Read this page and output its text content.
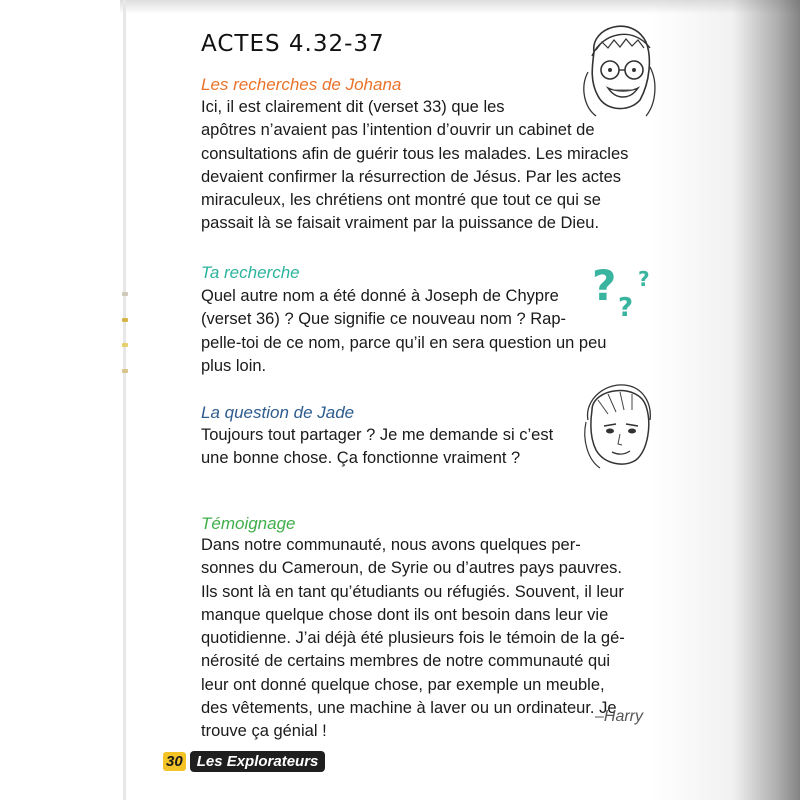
ACTES 4.32-37
Les recherches de Johana
Ici, il est clairement dit (verset 33) que les
apôtres n’avaient pas l’intention d’ouvrir un cabinet de
consultations afin de guérir tous les malades. Les miracles
devaient confirmer la résurrection de Jésus. Par les actes
miraculeux, les chrétiens ont montré que tout ce qui se
passait là se faisait vraiment par la puissance de Dieu.
? ?
?
Ta recherche
Quel autre nom a été donné à Joseph de Chypre
(verset 36) ? Que signifie ce nouveau nom ? Rap-
pelle-toi de ce nom, parce qu’il en sera question un peu
plus loin.
La question de Jade
Toujours tout partager ? Je me demande si c’est
une bonne chose. Ça fonctionne vraiment ?
Témoignage
Dans notre communauté, nous avons quelques per-
sonnes du Cameroun, de Syrie ou d’autres pays pauvres.
Ils sont là en tant qu’étudiants ou réfugiés. Souvent, il leur
manque quelque chose dont ils ont besoin dans leur vie
quotidienne. J’ai déjà été plusieurs fois le témoin de la gé-
nérosité de certains membres de notre communauté qui
leur ont donné quelque chose, par exemple un meuble,
des vêtements, une machine à laver ou un ordinateur. Je
trouve ça génial !
–Harry
30 Les Explorateurs
